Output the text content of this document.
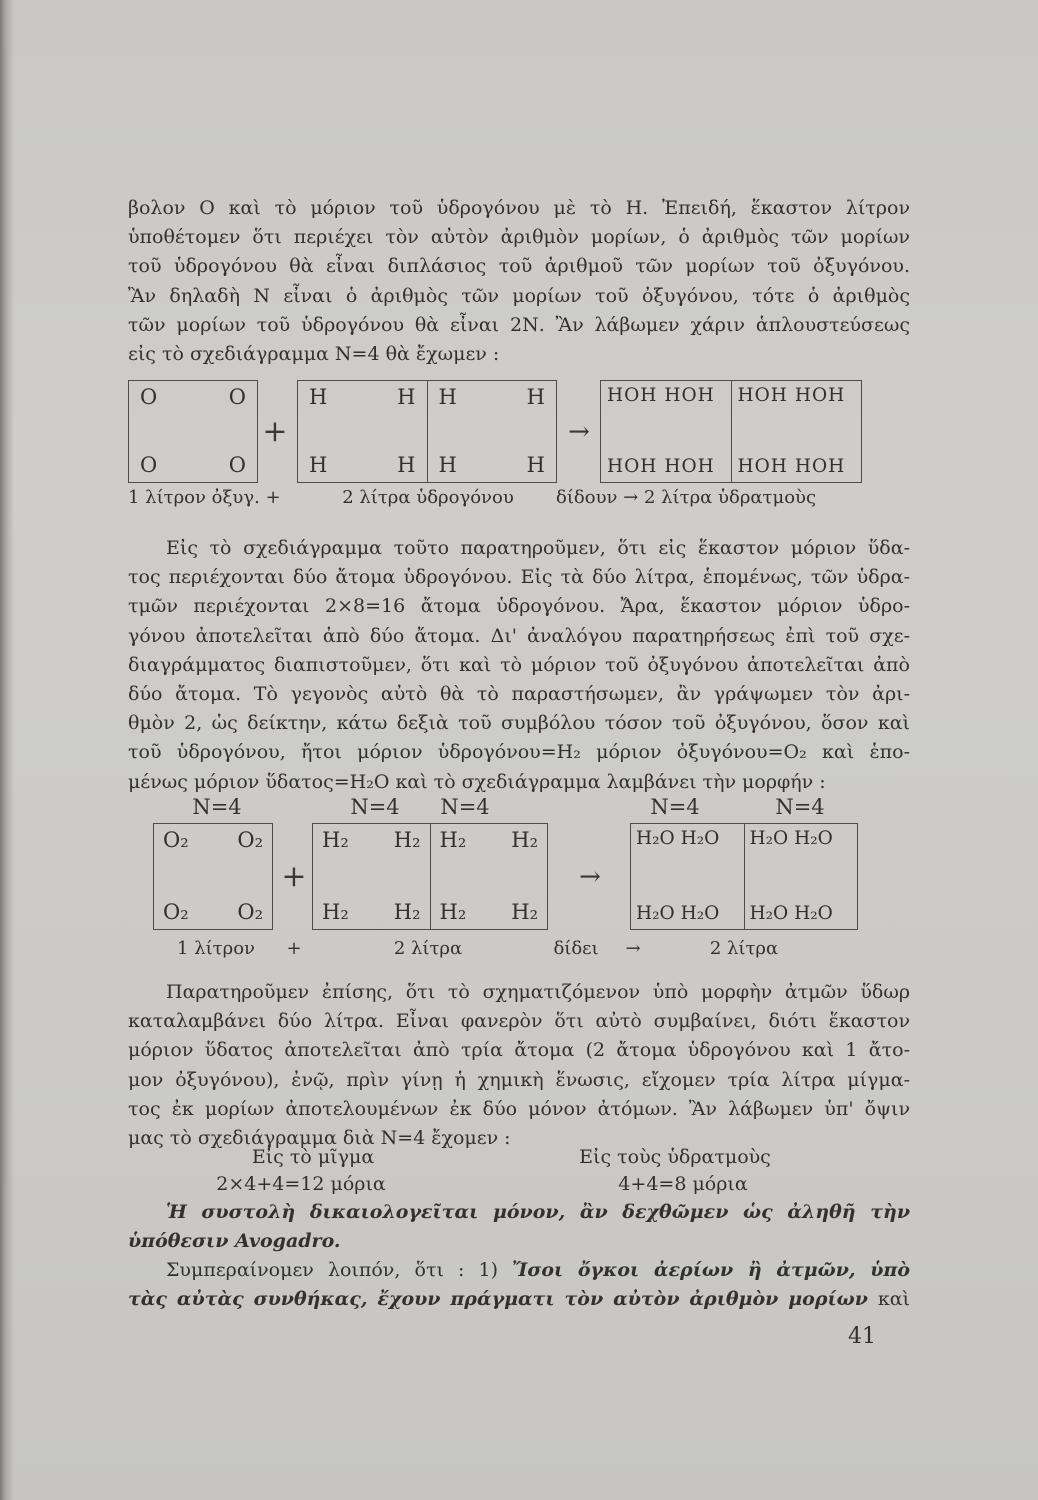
βολον Ο καὶ τὸ μόριον τοῦ ὑδρογόνου μὲ τὸ Η. Ἐπειδή, ἕκαστον λίτρον
ὑποθέτομεν ὅτι περιέχει τὸν αὐτὸν ἀριθμὸν μορίων, ὁ ἀριθμὸς τῶν μορίων
τοῦ ὑδρογόνου θὰ εἶναι διπλάσιος τοῦ ἀριθμοῦ τῶν μορίων τοῦ ὀξυγόνου.
Ἂν δηλαδὴ Ν εἶναι ὁ ἀριθμὸς τῶν μορίων τοῦ ὀξυγόνου, τότε ὁ ἀριθμὸς
τῶν μορίων τοῦ ὑδρογόνου θὰ εἶναι 2Ν. Ἂν λάβωμεν χάριν ἁπλουστεύσεως
εἰς τὸ σχεδιάγραμμα Ν=4 θὰ ἔχωμεν :
O	O
O	O
+
H	H
H	H
H	H
H	H
→
ΗΟΗ ΗΟΗ
ΗΟΗ ΗΟΗ
ΗΟΗ ΗΟΗ
ΗΟΗ ΗΟΗ
1 λίτρον ὀξυγ. +	2 λίτρα ὑδρογόνου δίδουν → 2 λίτρα ὑδρατμοὺς
Εἰς τὸ σχεδιάγραμμα τοῦτο παρατηροῦμεν, ὅτι εἰς ἕκαστον μόριον ὕδα-
τος περιέχονται δύο ἄτομα ὑδρογόνου. Εἰς τὰ δύο λίτρα, ἑπομένως, τῶν ὑδρα-
τμῶν περιέχονται 2×8=16 ἄτομα ὑδρογόνου. Ἄρα, ἕκαστον μόριον ὑδρο-
γόνου ἀποτελεῖται ἀπὸ δύο ἄτομα. Δι' ἀναλόγου παρατηρήσεως ἐπὶ τοῦ σχε-
διαγράμματος διαπιστοῦμεν, ὅτι καὶ τὸ μόριον τοῦ ὀξυγόνου ἀποτελεῖται ἀπὸ
δύο ἄτομα. Τὸ γεγονὸς αὐτὸ θὰ τὸ παραστήσωμεν, ἂν γράψωμεν τὸν ἀρι-
θμὸν 2, ὡς δείκτην, κάτω δεξιὰ τοῦ συμβόλου τόσον τοῦ ὀξυγόνου, ὅσον καὶ
τοῦ ὑδρογόνου, ἤτοι μόριον ὑδρογόνου=H₂ μόριον ὀξυγόνου=O₂ καὶ ἑπο-
μένως μόριον ὕδατος=H₂O καὶ τὸ σχεδιάγραμμα λαμβάνει τὴν μορφήν :
N=4	N=4 N=4	N=4	N=4
O₂	O₂
O₂	O₂
+
H₂	H₂
H₂	H₂
H₂	H₂
H₂	H₂
→
H₂O H₂O
H₂O H₂O
H₂O H₂O
H₂O H₂O
1 λίτρον +	2 λίτρα	δίδει →	2 λίτρα
Παρατηροῦμεν ἐπίσης, ὅτι τὸ σχηματιζόμενον ὑπὸ μορφὴν ἀτμῶν ὕδωρ
καταλαμβάνει δύο λίτρα. Εἶναι φανερὸν ὅτι αὐτὸ συμβαίνει, διότι ἕκαστον
μόριον ὕδατος ἀποτελεῖται ἀπὸ τρία ἄτομα (2 ἄτομα ὑδρογόνου καὶ 1 ἄτο-
μον ὀξυγόνου), ἐνῷ, πρὶν γίνῃ ἡ χημικὴ ἕνωσις, εἴχομεν τρία λίτρα μίγμα-
τος ἐκ μορίων ἀποτελουμένων ἐκ δύο μόνον ἀτόμων. Ἂν λάβωμεν ὑπ' ὄψιν
μας τὸ σχεδιάγραμμα διὰ Ν=4 ἔχομεν :
Εἰς τὸ μῖγμα	Εἰς τοὺς ὑδρατμοὺς
2×4+4=12 μόρια	4+4=8 μόρια
Ἡ συστολὴ δικαιολογεῖται μόνον, ἂν δεχθῶμεν ὡς ἀληθῆ τὴν
ὑπόθεσιν Avogadro.
Συμπεραίνομεν λοιπόν, ὅτι : 1) Ἴσοι ὄγκοι ἀερίων ἢ ἀτμῶν, ὑπὸ
τὰς αὐτὰς συνθήκας, ἔχουν πράγματι τὸν αὐτὸν ἀριθμὸν μορίων καὶ
41
